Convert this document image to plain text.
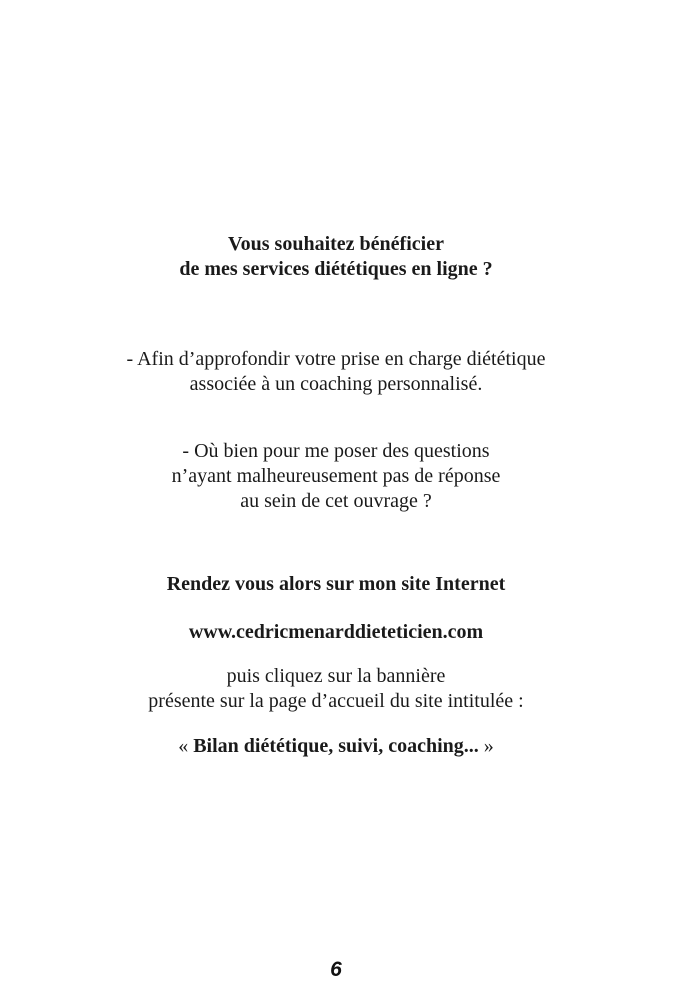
Vous souhaitez bénéficier
de mes services diététiques en ligne ?
- Afin d’approfondir votre prise en charge diététique
associée à un coaching personnalisé.
- Où bien pour me poser des questions
n’ayant malheureusement pas de réponse
au sein de cet ouvrage ?
Rendez vous alors sur mon site Internet
www.cedricmenarddieteticien.com
puis cliquez sur la bannière
présente sur la page d’accueil du site intitulée :
« Bilan diététique, suivi, coaching... »
6
